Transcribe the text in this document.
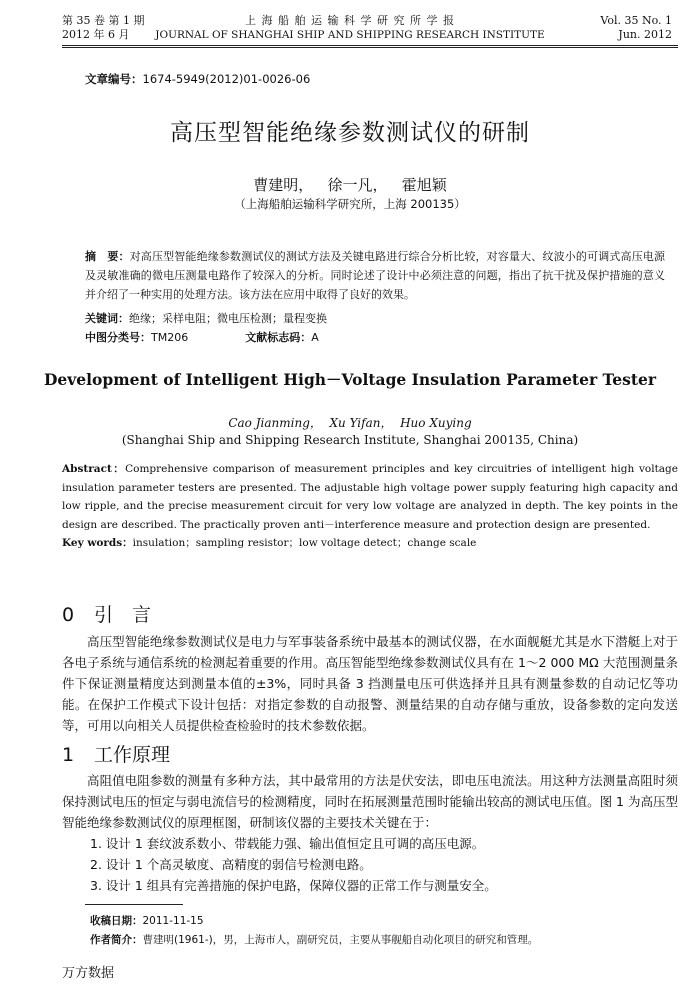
第 35 卷 第 1 期
2012 年 6 月
上 海 船 舶 运 输 科 学 研 究 所 学 报
JOURNAL OF SHANGHAI SHIP AND SHIPPING RESEARCH INSTITUTE
Vol. 35 No. 1
Jun. 2012
文章编号：1674-5949(2012)01-0026-06
高压型智能绝缘参数测试仪的研制
曹建明，   徐一凡，   霍旭颖
（上海船舶运输科学研究所，上海 200135）
摘　要：对高压型智能绝缘参数测试仪的测试方法及关键电路进行综合分析比较，对容量大、纹波小的可调式高压电源及灵敏准确的微电压测量电路作了较深入的分析。同时论述了设计中必须注意的问题，指出了抗干扰及保护措施的意义并介绍了一种实用的处理方法。该方法在应用中取得了良好的效果。
关键词：绝缘；采样电阻；微电压检测；量程变换
中图分类号：TM206	文献标志码：A
Development of Intelligent High－Voltage Insulation Parameter Tester
Cao Jianming，  Xu Yifan，  Huo Xuying
(Shanghai Ship and Shipping Research Institute, Shanghai 200135, China)
Abstract：Comprehensive comparison of measurement principles and key circuitries of intelligent high voltage insulation parameter testers are presented. The adjustable high voltage power supply featuring high capacity and low ripple, and the precise measurement circuit for very low voltage are analyzed in depth. The key points in the design are described. The practically proven anti－interference measure and protection design are presented.
Key words：insulation；sampling resistor；low voltage detect；change scale
0 引　言

高压型智能绝缘参数测试仪是电力与军事装备系统中最基本的测试仪器，在水面舰艇尤其是水下潜艇上对于各电子系统与通信系统的检测起着重要的作用。高压智能型绝缘参数测试仪具有在 1～2 000 MΩ 大范围测量条件下保证测量精度达到测量本值的±3%，同时具备 3 挡测量电压可供选择并且具有测量参数的自动记忆等功能。在保护工作模式下设计包括：对指定参数的自动报警、测量结果的自动存储与重放，设备参数的定向发送等，可用以向相关人员提供检查检验时的技术参数依据。

1 工作原理

高阻值电阻参数的测量有多种方法，其中最常用的方法是伏安法，即电压电流法。用这种方法测量高阻时须保持测试电压的恒定与弱电流信号的检测精度，同时在拓展测量范围时能输出较高的测试电压值。图 1 为高压型智能绝缘参数测试仪的原理框图，研制该仪器的主要技术关键在于：

1. 设计 1 套纹波系数小、带载能力强、输出值恒定且可调的高压电源。
2. 设计 1 个高灵敏度、高精度的弱信号检测电路。
3. 设计 1 组具有完善措施的保护电路，保障仪器的正常工作与测量安全。
收稿日期：2011-11-15
作者简介：曹建明(1961-)，男，上海市人，副研究员，主要从事舰船自动化项目的研究和管理。
万方数据
